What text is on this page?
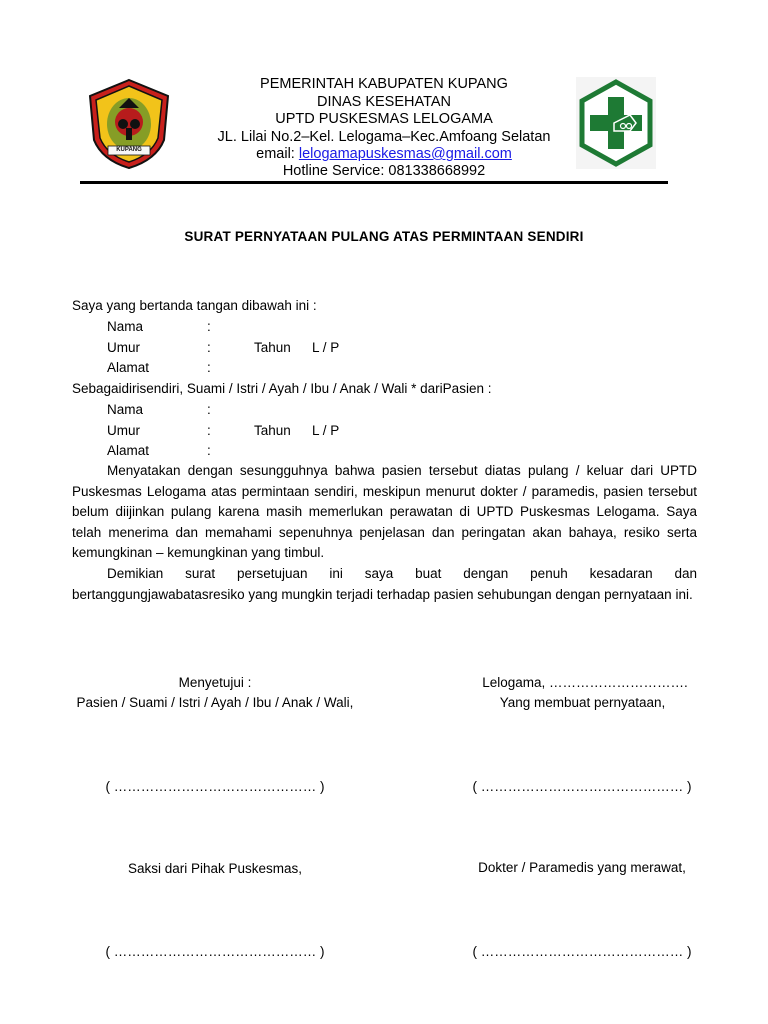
KUPANG
PEMERINTAH KABUPATEN KUPANG
DINAS KESEHATAN
UPTD PUSKESMAS LELOGAMA
JL. Lilai No.2–Kel. Lelogama–Kec.Amfoang Selatan
email: lelogamapuskesmas@gmail.com
Hotline Service: 081338668992
SURAT PERNYATAAN PULANG ATAS PERMINTAAN SENDIRI
Saya yang bertanda tangan dibawah ini :
Nama	:
Umur	:	Tahun L / P
Alamat	:
Sebagaidirisendiri, Suami / Istri / Ayah / Ibu / Anak / Wali * dariPasien :
Nama	:
Umur	:	Tahun L / P
Alamat	:

Menyatakan dengan sesungguhnya bahwa pasien tersebut diatas pulang / keluar dari UPTD Puskesmas Lelogama atas permintaan sendiri, meskipun menurut dokter / paramedis, pasien tersebut belum diijinkan pulang karena masih memerlukan perawatan di UPTD Puskesmas Lelogama. Saya telah menerima dan memahami sepenuhnya penjelasan dan peringatan akan bahaya, resiko serta kemungkinan – kemungkinan yang timbul.

Demikian surat persetujuan ini saya buat dengan penuh kesadaran dan bertanggungjawabatasresiko yang mungkin terjadi terhadap pasien sehubungan dengan pernyataan ini.

Menyetujui :
Pasien / Suami / Istri / Ayah / Ibu / Anak / Wali,
Lelogama, ………………………….
Yang membuat pernyataan,
( ……………………………………… )	( ……………………………………… )
Saksi dari Pihak Puskesmas,	Dokter / Paramedis yang merawat,
( ……………………………………… )	( ……………………………………… )
